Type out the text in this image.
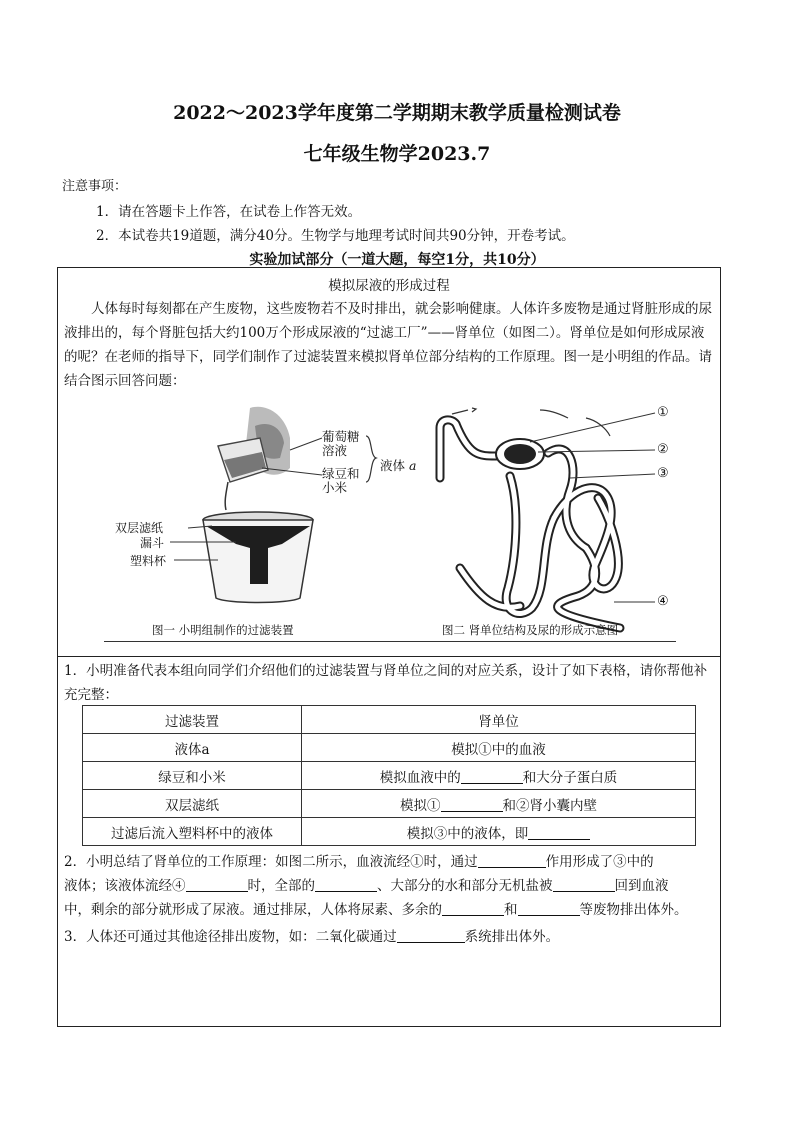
2022～2023学年度第二学期期末教学质量检测试卷
七年级生物学2023.7
注意事项：
1．请在答题卡上作答，在试卷上作答无效。
2．本试卷共19道题，满分40分。生物学与地理考试时间共90分钟，开卷考试。
实验加试部分（一道大题，每空1分，共10分）
模拟尿液的形成过程

人体每时每刻都在产生废物，这些废物若不及时排出，就会影响健康。人体许多废物是通过肾脏形成的尿液排出的，每个肾脏包括大约100万个形成尿液的“过滤工厂”——肾单位（如图二）。肾单位是如何形成尿液的呢？在老师的指导下，同学们制作了过滤装置来模拟肾单位部分结构的工作原理。图一是小明组的作品。请结合图示回答问题：

葡萄糖
溶液
绿豆和
小米
液体 a
双层滤纸
漏斗
塑料杯
①
②
③
④
图一 小明组制作的过滤装置	图二 肾单位结构及尿的形成示意图
1．小明准备代表本组向同学们介绍他们的过滤装置与肾单位之间的对应关系，设计了如下表格，请你帮他补充完整：
过滤装置	肾单位
液体a	模拟①中的血液
绿豆和小米	模拟血液中的 和大分子蛋白质
双层滤纸	模拟① 和②肾小囊内壁
过滤后流入塑料杯中的液体	模拟③中的液体，即
2．小明总结了肾单位的工作原理：如图二所示，血液流经①时，通过	作用形成了③中的
液体；该液体流经④	时，全部的	、大部分的水和部分无机盐被	回到血液
中，剩余的部分就形成了尿液。通过排尿，人体将尿素、多余的	和	等废物排出体外。
3．人体还可通过其他途径排出废物，如：二氧化碳通过	系统排出体外。
